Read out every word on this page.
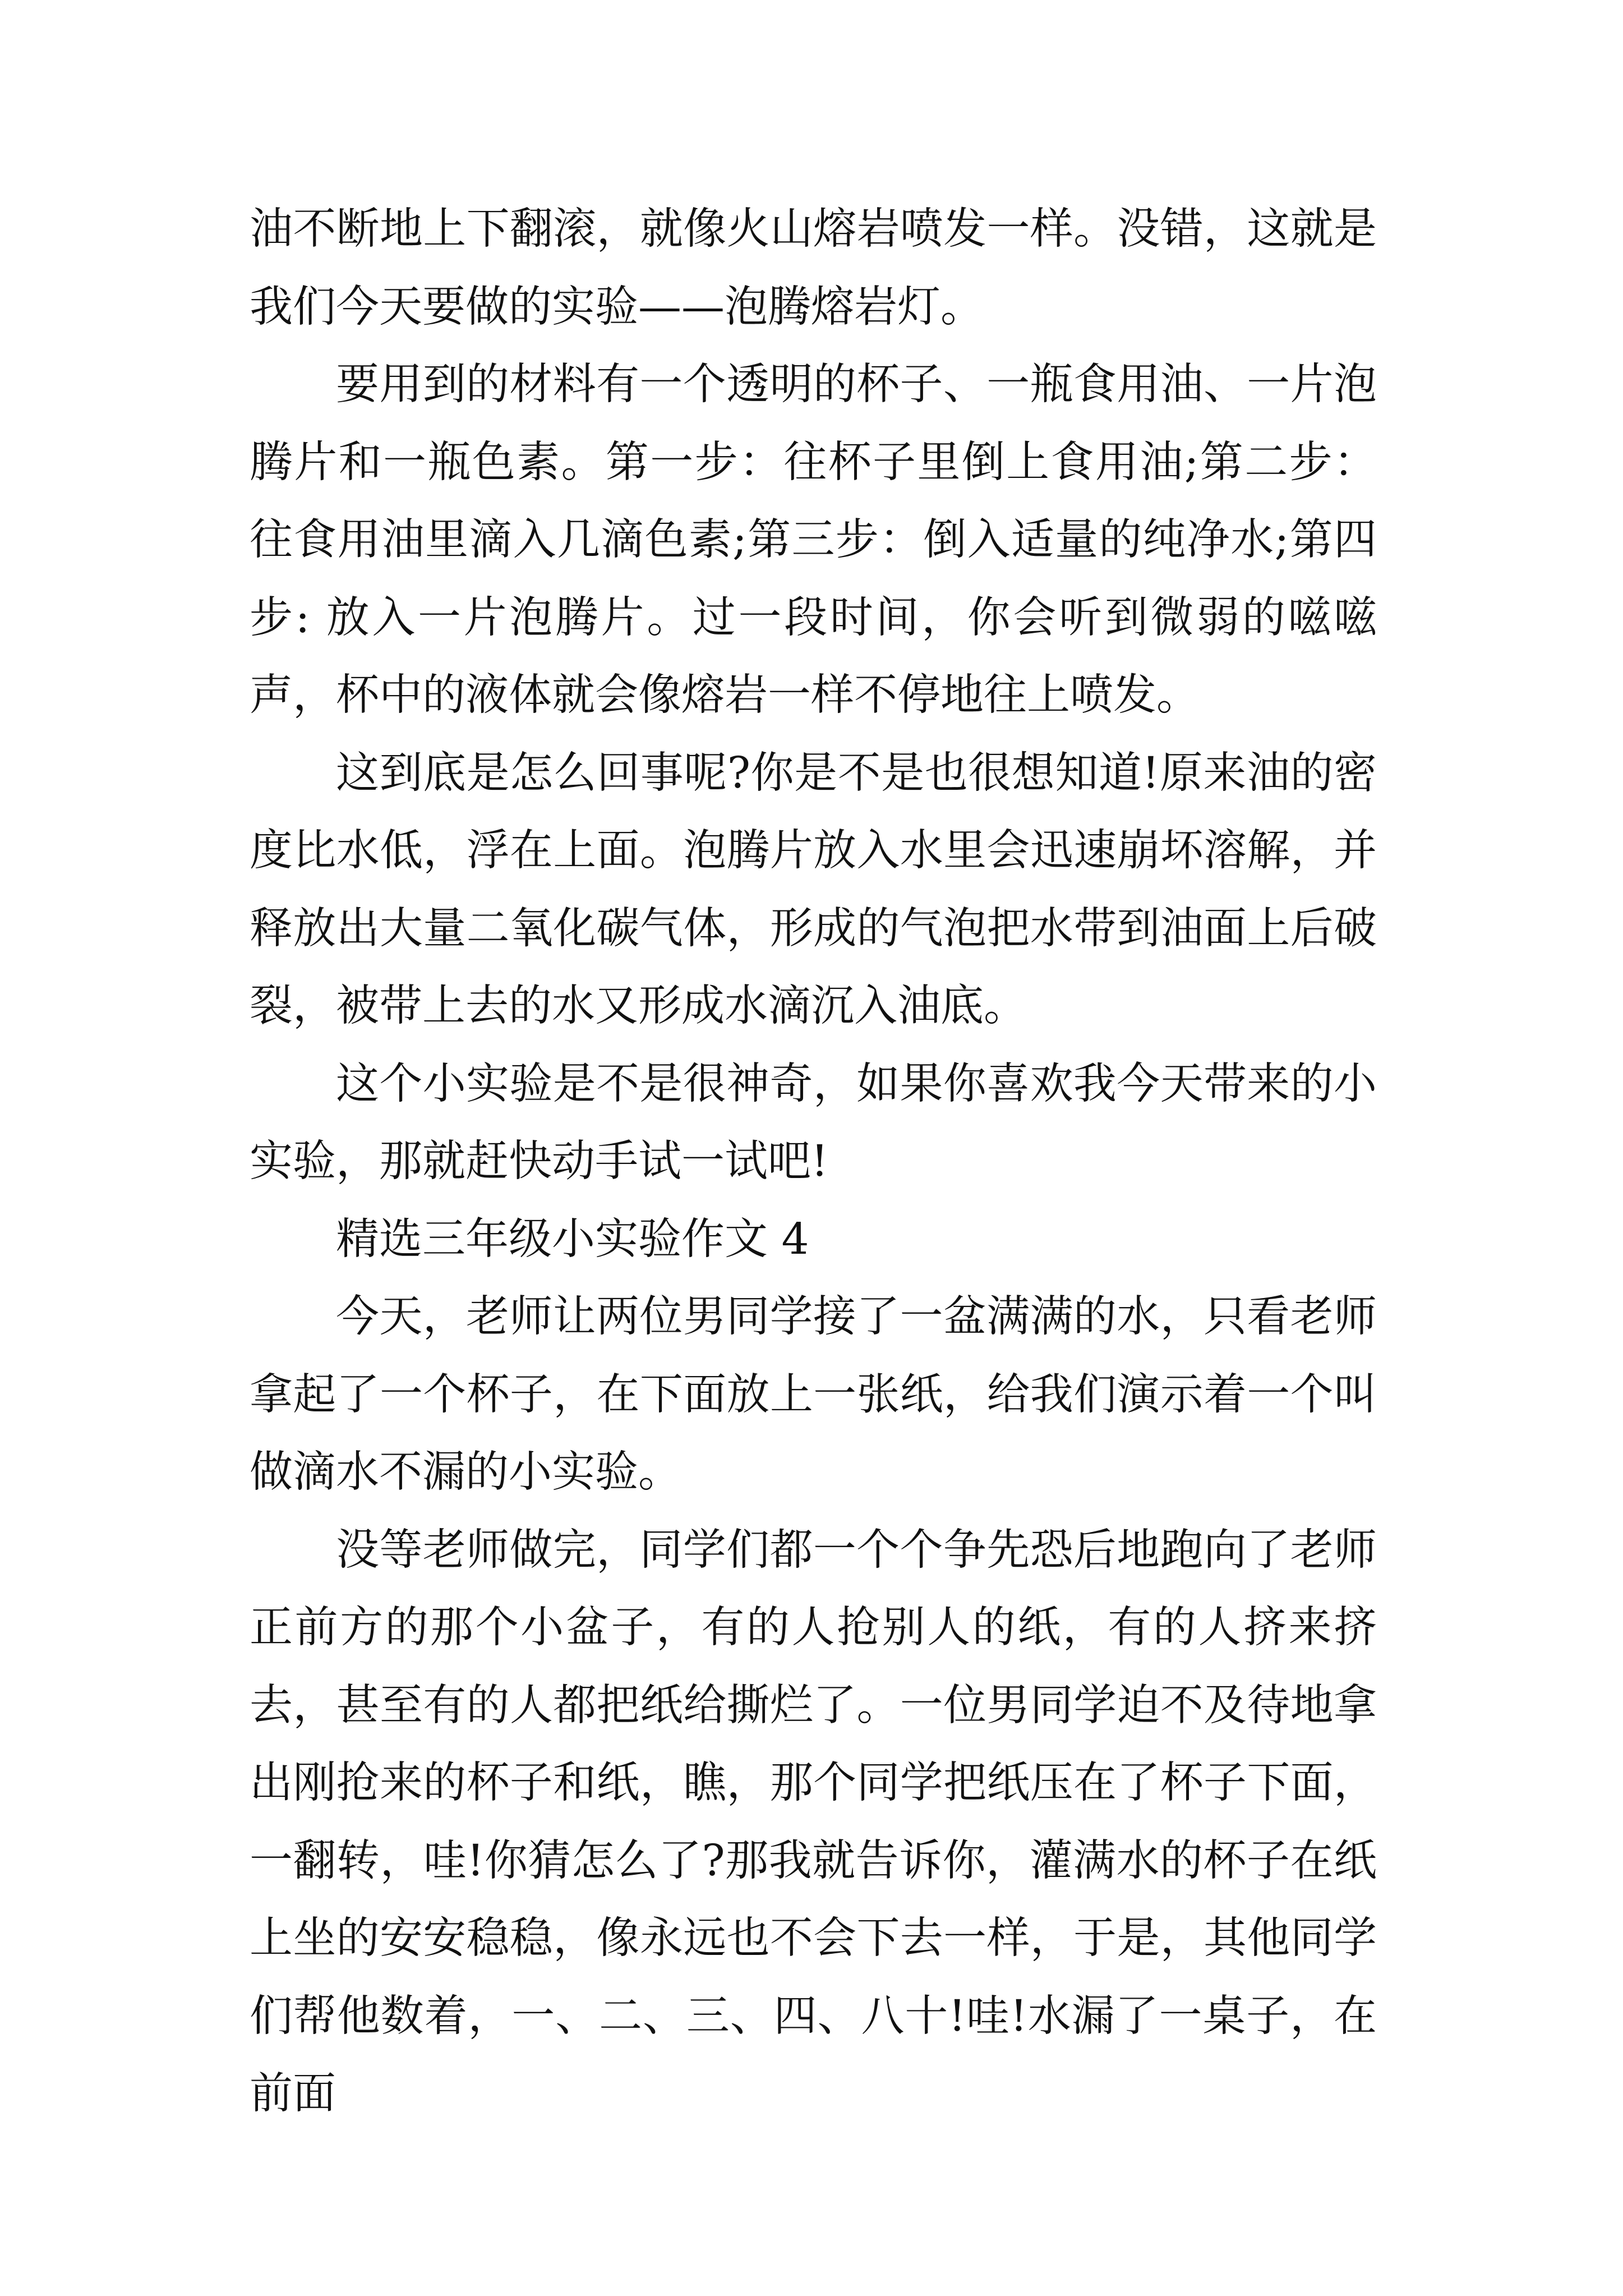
油不断地上下翻滚，就像火山熔岩喷发一样。没错，这就是我们今天要做的实验——泡腾熔岩灯。

要用到的材料有一个透明的杯子、一瓶食用油、一片泡腾片和一瓶色素。第一步：往杯子里倒上食用油;第二步：往食用油里滴入几滴色素;第三步：倒入适量的纯净水;第四步: 放入一片泡腾片。过一段时间，你会听到微弱的嗞嗞声，杯中的液体就会像熔岩一样不停地往上喷发。

这到底是怎么回事呢?你是不是也很想知道!原来油的密度比水低，浮在上面。泡腾片放入水里会迅速崩坏溶解，并释放出大量二氧化碳气体，形成的气泡把水带到油面上后破裂，被带上去的水又形成水滴沉入油底。

这个小实验是不是很神奇，如果你喜欢我今天带来的小实验，那就赶快动手试一试吧!

精选三年级小实验作文 4

今天，老师让两位男同学接了一盆满满的水，只看老师拿起了一个杯子，在下面放上一张纸，给我们演示着一个叫做滴水不漏的小实验。

没等老师做完，同学们都一个个争先恐后地跑向了老师正前方的那个小盆子，有的人抢别人的纸，有的人挤来挤去，甚至有的人都把纸给撕烂了。一位男同学迫不及待地拿出刚抢来的杯子和纸，瞧，那个同学把纸压在了杯子下面，一翻转，哇!你猜怎么了?那我就告诉你，灌满水的杯子在纸上坐的安安稳稳，像永远也不会下去一样，于是，其他同学们帮他数着，一、二、三、四、八十!哇!水漏了一桌子，在前面
